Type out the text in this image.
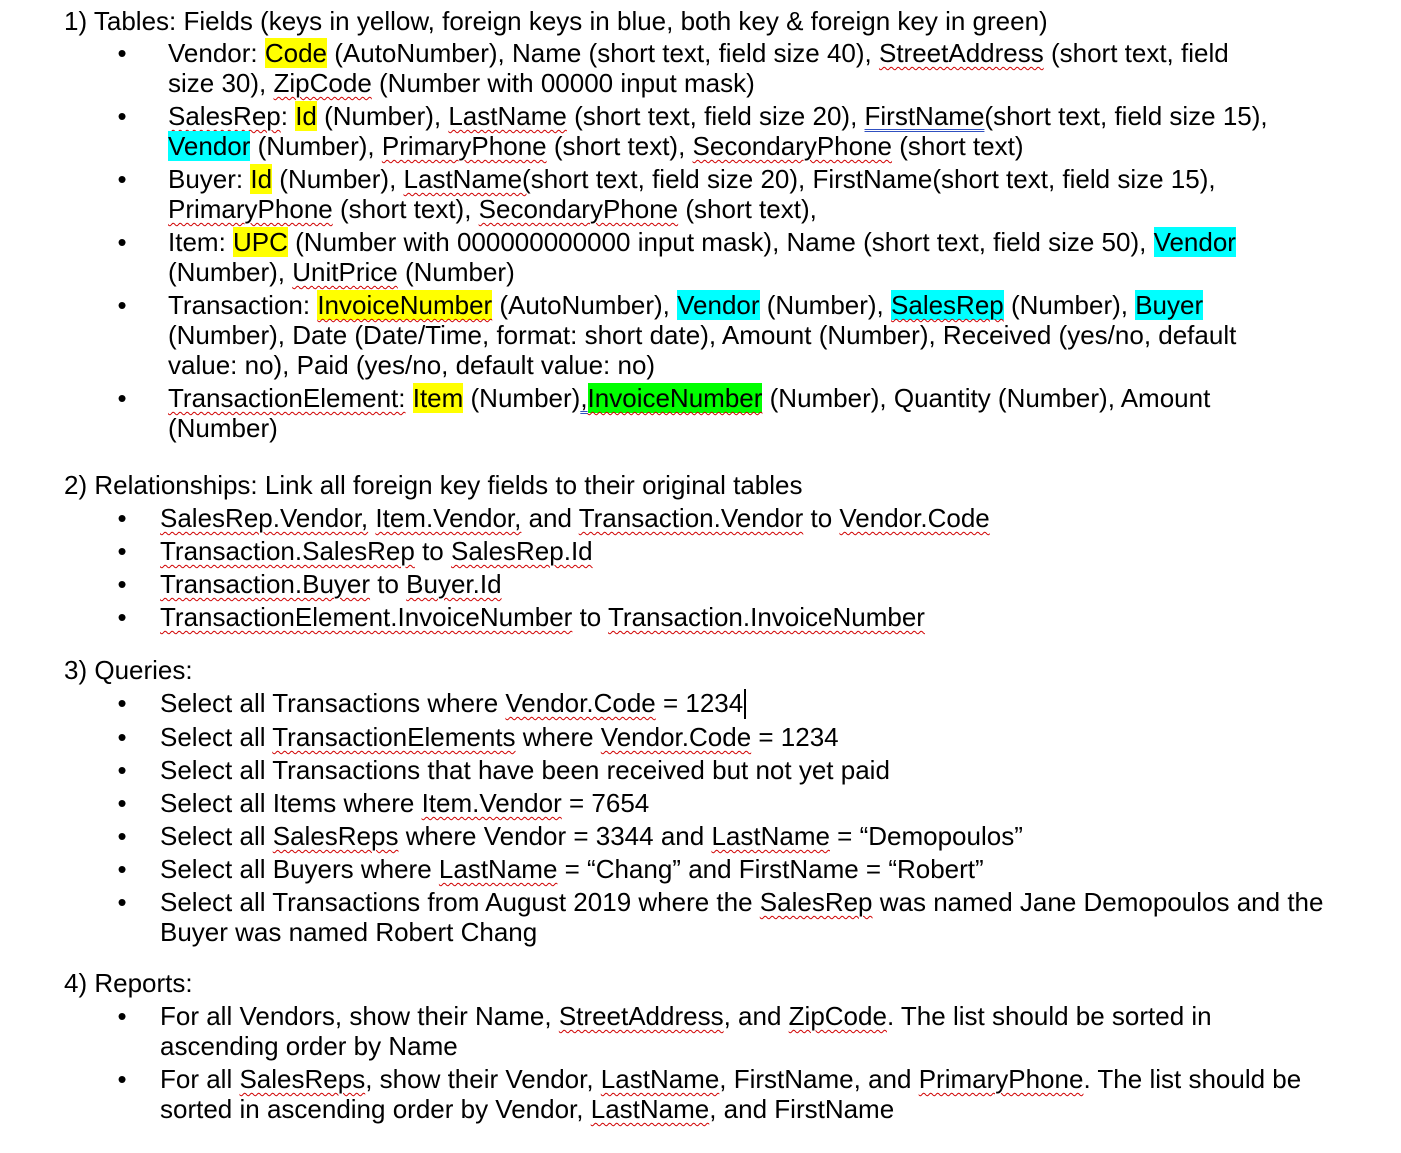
1) Tables: Fields (keys in yellow, foreign keys in blue, both key & foreign key in green)
• Vendor: Code (AutoNumber), Name (short text, field size 40), StreetAddress (short text, field size 30), ZipCode (Number with 00000 input mask)
• SalesRep: Id (Number), LastName (short text, field size 20), FirstName(short text, field size 15), Vendor (Number), PrimaryPhone (short text), SecondaryPhone (short text)
• Buyer: Id (Number), LastName(short text, field size 20), FirstName(short text, field size 15), PrimaryPhone (short text), SecondaryPhone (short text),
• Item: UPC (Number with 000000000000 input mask), Name (short text, field size 50), Vendor (Number), UnitPrice (Number)
• Transaction: InvoiceNumber (AutoNumber), Vendor (Number), SalesRep (Number), Buyer (Number), Date (Date/Time, format: short date), Amount (Number), Received (yes/no, default value: no), Paid (yes/no, default value: no)
• TransactionElement: Item (Number),InvoiceNumber (Number), Quantity (Number), Amount (Number)
2) Relationships: Link all foreign key fields to their original tables
• SalesRep.Vendor, Item.Vendor, and Transaction.Vendor to Vendor.Code
• Transaction.SalesRep to SalesRep.Id
• Transaction.Buyer to Buyer.Id
• TransactionElement.InvoiceNumber to Transaction.InvoiceNumber
3) Queries:
• Select all Transactions where Vendor.Code = 1234
• Select all TransactionElements where Vendor.Code = 1234
• Select all Transactions that have been received but not yet paid
• Select all Items where Item.Vendor = 7654
• Select all SalesReps where Vendor = 3344 and LastName = “Demopoulos”
• Select all Buyers where LastName = “Chang” and FirstName = “Robert”
• Select all Transactions from August 2019 where the SalesRep was named Jane Demopoulos and the Buyer was named Robert Chang
4) Reports:
• For all Vendors, show their Name, StreetAddress, and ZipCode. The list should be sorted in ascending order by Name
• For all SalesReps, show their Vendor, LastName, FirstName, and PrimaryPhone. The list should be sorted in ascending order by Vendor, LastName, and FirstName
